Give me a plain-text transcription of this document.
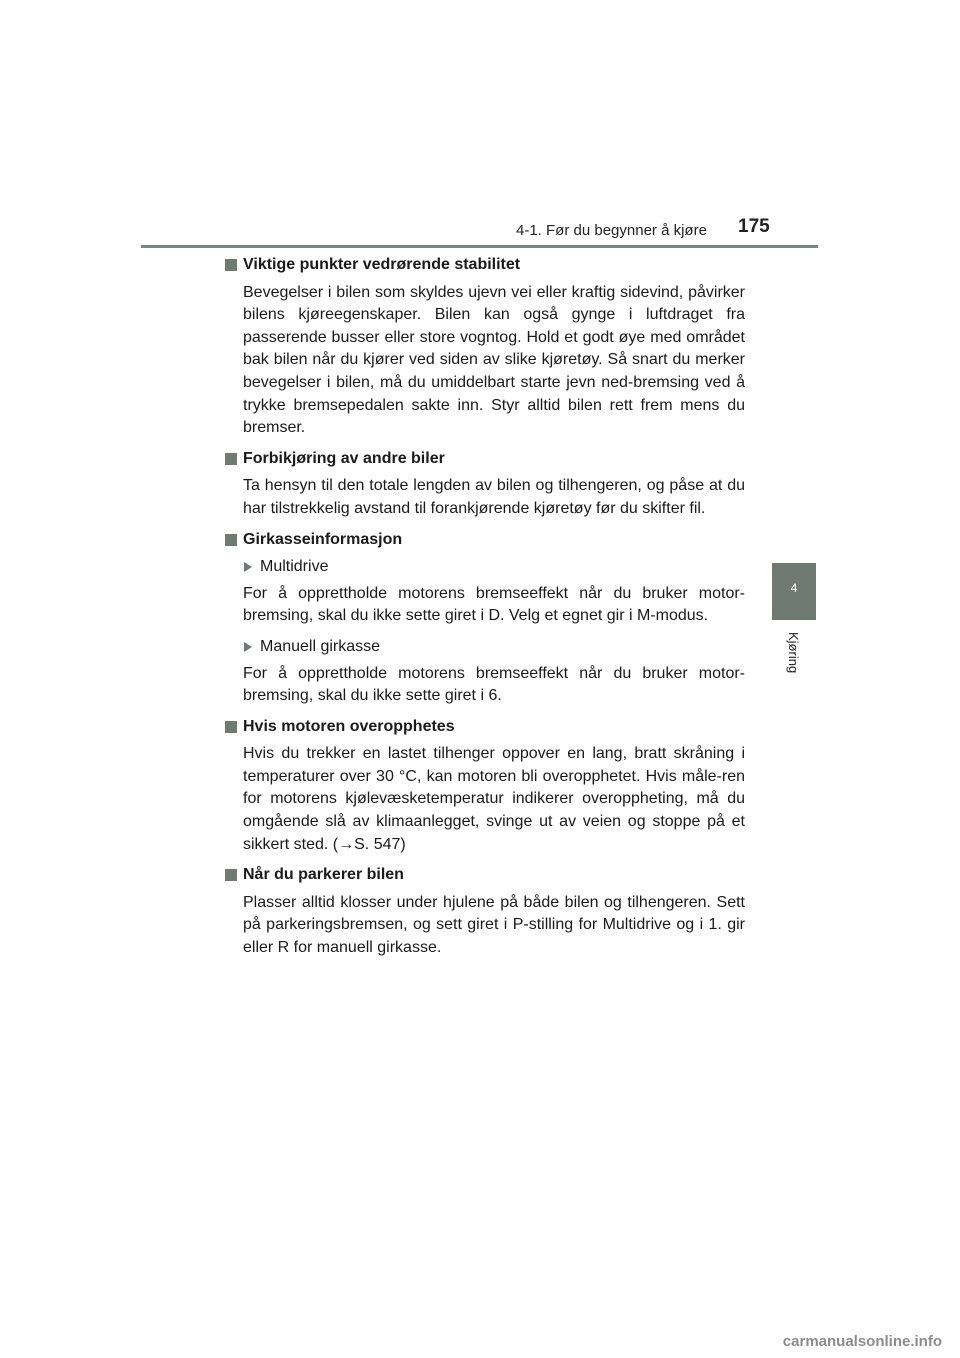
4-1. Før du begynner å kjøre 175
4
Kjøring
Viktige punkter vedrørende stabilitet

Bevegelser i bilen som skyldes ujevn vei eller kraftig sidevind, påvirker bilens kjøreegenskaper. Bilen kan også gynge i luftdraget fra passerende busser eller store vogntog. Hold et godt øye med området bak bilen når du kjører ved siden av slike kjøretøy. Så snart du merker bevegelser i bilen, må du umiddelbart starte jevn ned-bremsing ved å trykke bremsepedalen sakte inn. Styr alltid bilen rett frem mens du bremser.

Forbikjøring av andre biler

Ta hensyn til den totale lengden av bilen og tilhengeren, og påse at du har tilstrekkelig avstand til forankjørende kjøretøy før du skifter fil.

Girkasseinformasjon
Multidrive

For å opprettholde motorens bremseeffekt når du bruker motor-bremsing, skal du ikke sette giret i D. Velg et egnet gir i M-modus.

Manuell girkasse

For å opprettholde motorens bremseeffekt når du bruker motor-bremsing, skal du ikke sette giret i 6.

Hvis motoren overopphetes

Hvis du trekker en lastet tilhenger oppover en lang, bratt skråning i temperaturer over 30 °C, kan motoren bli overopphetet. Hvis måle-ren for motorens kjølevæsketemperatur indikerer overoppheting, må du omgående slå av klimaanlegget, svinge ut av veien og stoppe på et sikkert sted. (→S. 547)

Når du parkerer bilen

Plasser alltid klosser under hjulene på både bilen og tilhengeren. Sett på parkeringsbremsen, og sett giret i P-stilling for Multidrive og i 1. gir eller R for manuell girkasse.

carmanualsonline.info
